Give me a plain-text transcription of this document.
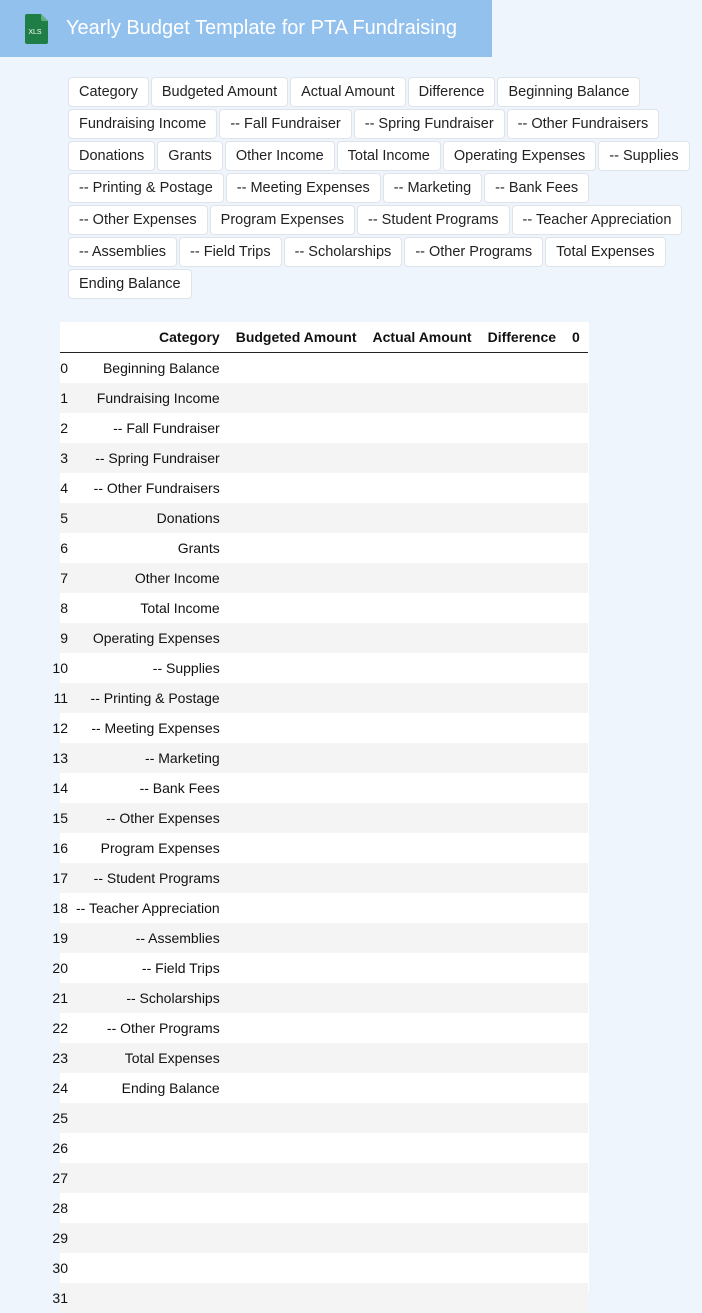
XLS Yearly Budget Template for PTA Fundraising
Category	Budgeted Amount	Actual Amount	Difference	Beginning Balance
Fundraising Income	-- Fall Fundraiser	-- Spring Fundraiser	-- Other Fundraisers
Donations	Grants	Other Income	Total Income	Operating Expenses	-- Supplies
-- Printing & Postage	-- Meeting Expenses	-- Marketing	-- Bank Fees
-- Other Expenses	Program Expenses	-- Student Programs	-- Teacher Appreciation
-- Assemblies	-- Field Trips	-- Scholarships	-- Other Programs	Total Expenses
Ending Balance
	Category	Budgeted Amount	Actual Amount	Difference	0
0	Beginning Balance				
1	Fundraising Income				
2	-- Fall Fundraiser				
3	-- Spring Fundraiser				
4	-- Other Fundraisers				
5	Donations				
6	Grants				
7	Other Income				
8	Total Income				
9	Operating Expenses				
10	-- Supplies				
11	-- Printing & Postage				
12	-- Meeting Expenses				
13	-- Marketing				
14	-- Bank Fees				
15	-- Other Expenses				
16	Program Expenses				
17	-- Student Programs				
18	-- Teacher Appreciation				
19	-- Assemblies				
20	-- Field Trips				
21	-- Scholarships				
22	-- Other Programs				
23	Total Expenses				
24	Ending Balance				
25					
26					
27					
28					
29					
30					
31					
